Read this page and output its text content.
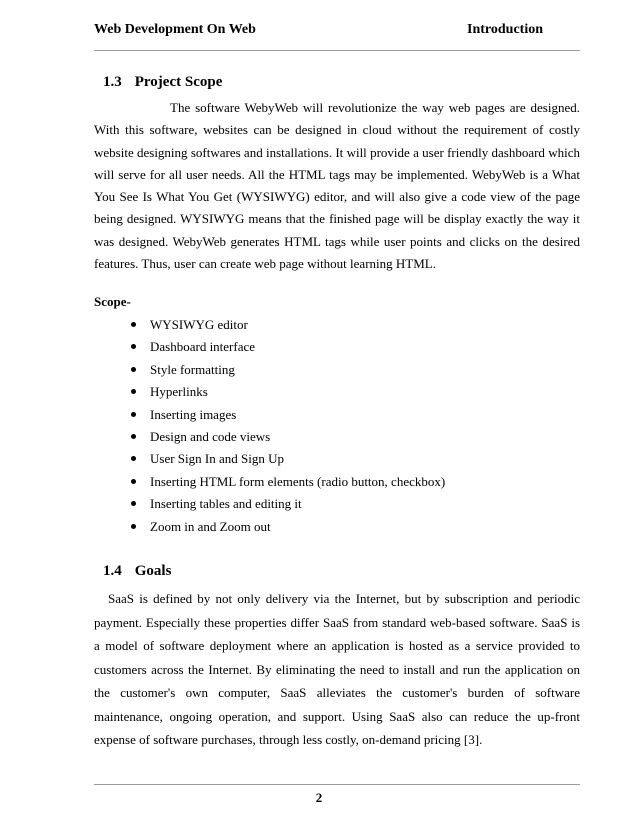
Web Development On Web	Introduction
1.3 Project Scope
The software WebyWeb will revolutionize the way web pages are designed. With this software, websites can be designed in cloud without the requirement of costly website designing softwares and installations. It will provide a user friendly dashboard which will serve for all user needs. All the HTML tags may be implemented. WebyWeb is a What You See Is What You Get (WYSIWYG) editor, and will also give a code view of the page being designed. WYSIWYG means that the finished page will be display exactly the way it was designed. WebyWeb generates HTML tags while user points and clicks on the desired features. Thus, user can create web page without learning HTML.
Scope-
WYSIWYG editor
Dashboard interface
Style formatting
Hyperlinks
Inserting images
Design and code views
User Sign In and Sign Up
Inserting HTML form elements (radio button, checkbox)
Inserting tables and editing it
Zoom in and Zoom out
1.4 Goals
SaaS is defined by not only delivery via the Internet, but by subscription and periodic payment. Especially these properties differ SaaS from standard web-based software. SaaS is a model of software deployment where an application is hosted as a service provided to customers across the Internet. By eliminating the need to install and run the application on the customer's own computer, SaaS alleviates the customer's burden of software maintenance, ongoing operation, and support. Using SaaS also can reduce the up-front expense of software purchases, through less costly, on-demand pricing [3].
2
